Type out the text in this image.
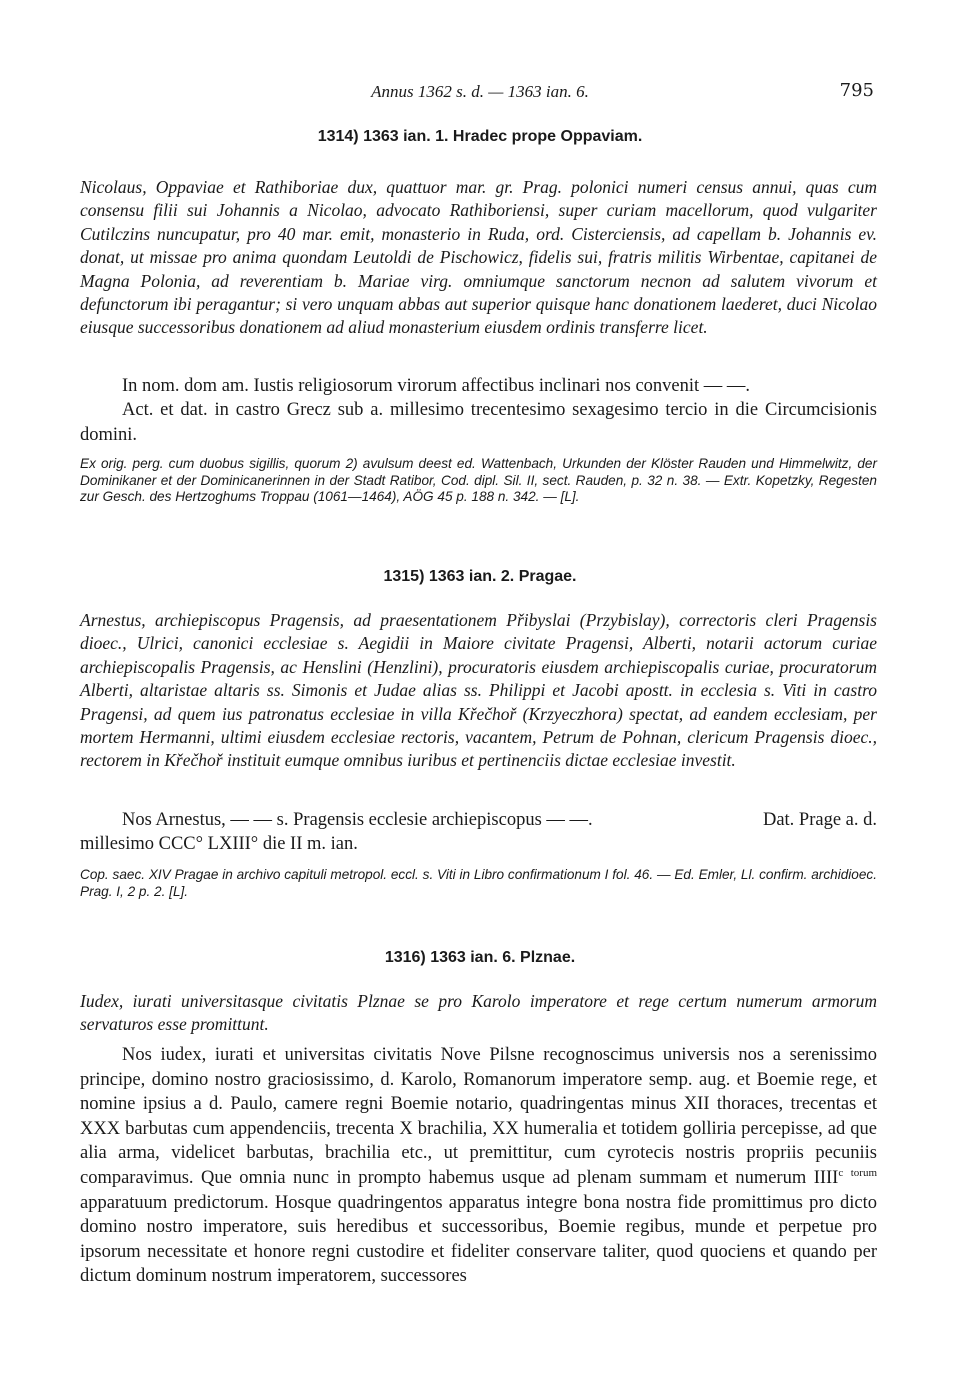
Annus 1362 s. d. — 1363 ian. 6.	795
1314) 1363 ian. 1. Hradec prope Oppaviam.

Nicolaus, Oppaviae et Rathiboriae dux, quattuor mar. gr. Prag. polonici numeri census annui, quas cum consensu filii sui Johannis a Nicolao, advocato Rathiboriensi, super curiam macellorum, quod vulgariter Cutilczins nuncupatur, pro 40 mar. emit, monasterio in Ruda, ord. Cisterciensis, ad capellam b. Johannis ev. donat, ut missae pro anima quondam Leutoldi de Pischowicz, fidelis sui, fratris militis Wirbentae, capitanei de Magna Polonia, ad reverentiam b. Mariae virg. omniumque sanctorum necnon ad salutem vivorum et defunctorum ibi peragantur; si vero unquam abbas aut superior quisque hanc donationem laederet, duci Nicolao eiusque successoribus donationem ad aliud monasterium eiusdem ordinis transferre licet.

In nom. dom am. Iustis religiosorum virorum affectibus inclinari nos convenit — —.

Act. et dat. in castro Grecz sub a. millesimo trecentesimo sexagesimo tercio in die Circumcisionis domini.

Ex orig. perg. cum duobus sigillis, quorum 2) avulsum deest ed. Wattenbach, Urkunden der Klöster Rauden und Himmelwitz, der Dominikaner et der Dominicanerinnen in der Stadt Ratibor, Cod. dipl. Sil. II, sect. Rauden, p. 32 n. 38. — Extr. Kopetzky, Regesten zur Gesch. des Hertzoghums Troppau (1061—1464), AÖG 45 p. 188 n. 342. — [L].

1315) 1363 ian. 2. Pragae.

Arnestus, archiepiscopus Pragensis, ad praesentationem Přibyslai (Przybislay), correctoris cleri Pragensis dioec., Ulrici, canonici ecclesiae s. Aegidii in Maiore civitate Pragensi, Alberti, notarii actorum curiae archiepiscopalis Pragensis, ac Henslini (Henzlini), procuratoris eiusdem archiepiscopalis curiae, procuratorum Alberti, altaristae altaris ss. Simonis et Judae alias ss. Philippi et Jacobi apostt. in ecclesia s. Viti in castro Pragensi, ad quem ius patronatus ecclesiae in villa Křečhoř (Krzyeczhora) spectat, ad eandem ecclesiam, per mortem Hermanni, ultimi eiusdem ecclesiae rectoris, vacantem, Petrum de Pohnan, clericum Pragensis dioec., rectorem in Křečhoř instituit eumque omnibus iuribus et pertinenciis dictae ecclesiae investit.

Nos Arnestus, — — s. Pragensis ecclesie archiepiscopus — —.	Dat. Prage a. d.

millesimo CCC° LXIII° die II m. ian.

Cop. saec. XIV Pragae in archivo capituli metropol. eccl. s. Viti in Libro confirmationum I fol. 46. — Ed. Emler, Ll. confirm. archidioec. Prag. I, 2 p. 2. [L].

1316) 1363 ian. 6. Plznae.

Iudex, iurati universitasque civitatis Plznae se pro Karolo imperatore et rege certum numerum armorum servaturos esse promittunt.

Nos iudex, iurati et universitas civitatis Nove Pilsne recognoscimus universis nos a serenissimo principe, domino nostro graciosissimo, d. Karolo, Romanorum imperatore semp. aug. et Boemie rege, et nomine ipsius a d. Paulo, camere regni Boemie notario, quadringentas minus XII thoraces, trecentas et XXX barbutas cum appendenciis, trecenta X brachilia, XX humeralia et totidem golliria percepisse, ad que alia arma, videlicet barbutas, brachilia etc., ut premittitur, cum cyrotecis nostris propriis pecuniis comparavimus. Que omnia nunc in prompto habemus usque ad plenam summam et numerum IIII$^c$ $^{torum}$ apparatuum predictorum. Hosque quadringentos apparatus integre bona nostra fide promittimus pro dicto domino nostro imperatore, suis heredibus et successoribus, Boemie regibus, munde et perpetue pro ipsorum necessitate et honore regni custodire et fideliter conservare taliter, quod quociens et quando per dictum dominum nostrum imperatorem, successores
